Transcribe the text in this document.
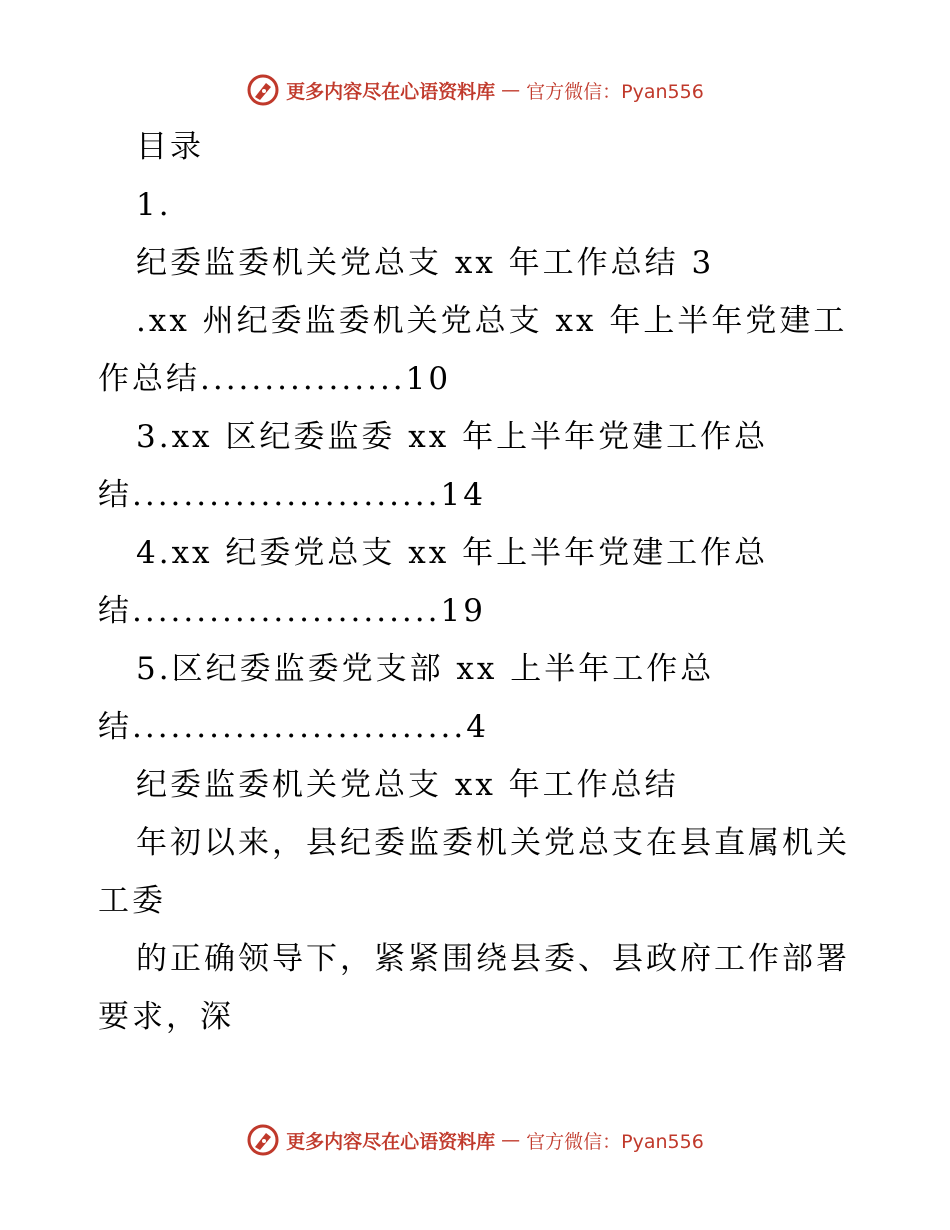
更多内容尽在心语资料库 — 官方微信：Pyan556
目录
1.
纪委监委机关党总支 xx 年工作总结 3
.xx 州纪委监委机关党总支 xx 年上半年党建工
作总结................10
3.xx 区纪委监委 xx 年上半年党建工作总
结........................14
4.xx 纪委党总支 xx 年上半年党建工作总
结........................19
5.区纪委监委党支部 xx 上半年工作总
结..........................4
纪委监委机关党总支 xx 年工作总结
年初以来，县纪委监委机关党总支在县直属机关
工委
的正确领导下，紧紧围绕县委、县政府工作部署
要求，深
更多内容尽在心语资料库 — 官方微信：Pyan556
